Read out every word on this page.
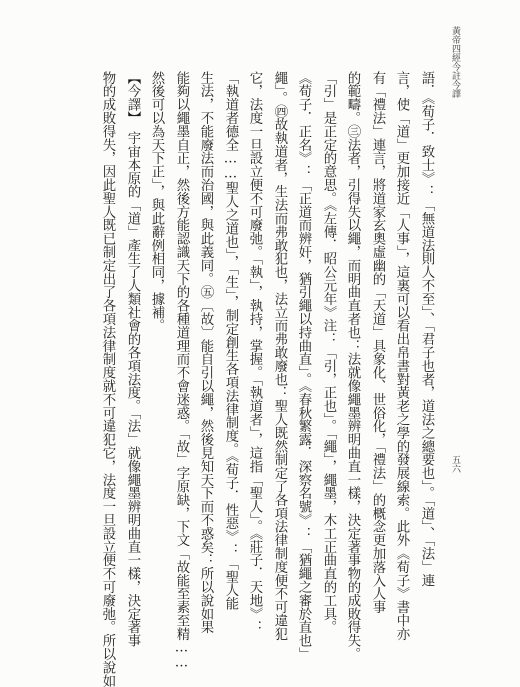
黃帝四經今註今譯
五六
語．《荀子．致士》：「無道法則人不至」、「君子也者，道法之總要也」。「道」、「法」連
言，使「道」更加接近「人事」，這裏可以看出帛書對黃老之學的發展線索。此外《荀子》書中亦
有「禮法」連言，將道家玄奧虛幽的「天道」具象化、世俗化，「禮法」的概念更加落入人事
的範疇。㊂法者，引得失以繩，而明曲直者也：法就像繩墨辨明曲直一樣，決定著事物的成敗得失。
「引」是正定的意思。《左傳．昭公元年》注：「引，正也」。「繩」，繩墨，木工正曲直的工具。
《荀子．正名》：「正道而辨奸，猶引繩以持曲直」。《春秋繁露．深察名號》：「猶繩之審於直也」
繩」。㊃故執道者，生法而弗敢犯也，法立而弗敢廢也：聖人既然制定了各項法律制度便不可違犯
它，法度一旦設立便不可廢弛。「執」，執持，掌握。「執道者」，這指「聖人」。《莊子．天地》：
「執道者德全……聖人之道也」，「生」，制定創生各項法律制度。《荀子．性惡》：「聖人能
生法，不能廢法而治國，與此義同。㊄〔故〕能自引以繩，然後見知天下而不惑矣：所以說如果
能夠以繩墨自正，然後方能認識天下的各種道理而不會迷惑。「故」字原缺，下文「故能至素至精……
然後可以為天下正」，與此辭例相同，據補。
【今譯】　宇宙本原的「道」產生了人類社會的各項法度。「法」就像繩墨辨明曲直一樣，決定著事
物的成敗得失，因此聖人既已制定出了各項法律制度就不可違犯它，法度一旦設立便不可廢弛。所以說如
